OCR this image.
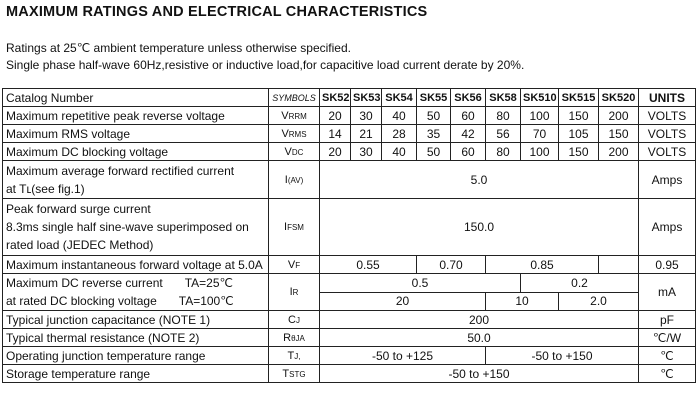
MAXIMUM RATINGS AND ELECTRICAL CHARACTERISTICS
Ratings at 25℃ ambient temperature unless otherwise specified.
Single phase half-wave 60Hz,resistive or inductive load,for capacitive load current derate by 20%.
Catalog Number	SYMBOLS	SK52	SK53	SK54	SK55	SK56	SK58	SK510	SK515	SK520	UNITS	
Maximum repetitive peak reverse voltage	VRRM	20	30	40	50	60	80	100	150	200	VOLTS	
Maximum RMS voltage	VRMS	14	21	28	35	42	56	70	105	150	VOLTS	
Maximum DC blocking voltage	VDC	20	30	40	50	60	80	100	150	200	VOLTS	

Maximum average forward rectified current
at Tʟ(see fig.1)	I(AV)	5.0									Amps	

Peak forward surge current
8.3ms single half sine-wave superimposed on
rated load (JEDEC Method)	IFSM	150.0									Amps	
Maximum instantaneous forward voltage at 5.0A	VF	0.55			0.70		0.85				0.95	

Maximum DC reverse current TA=25℃
at rated DC blocking voltage TA=100℃	IR	0.5						0.2			mA	
		20					10		2.0			
Typical junction capacitance (NOTE 1)	CJ	200									pF	
Typical thermal resistance (NOTE 2)	RθJA	50.0									℃/W	
Operating junction temperature range	TJ,	-50 to +125					-50 to +150				℃	
Storage temperature range	TSTG	-50 to +150									℃	
